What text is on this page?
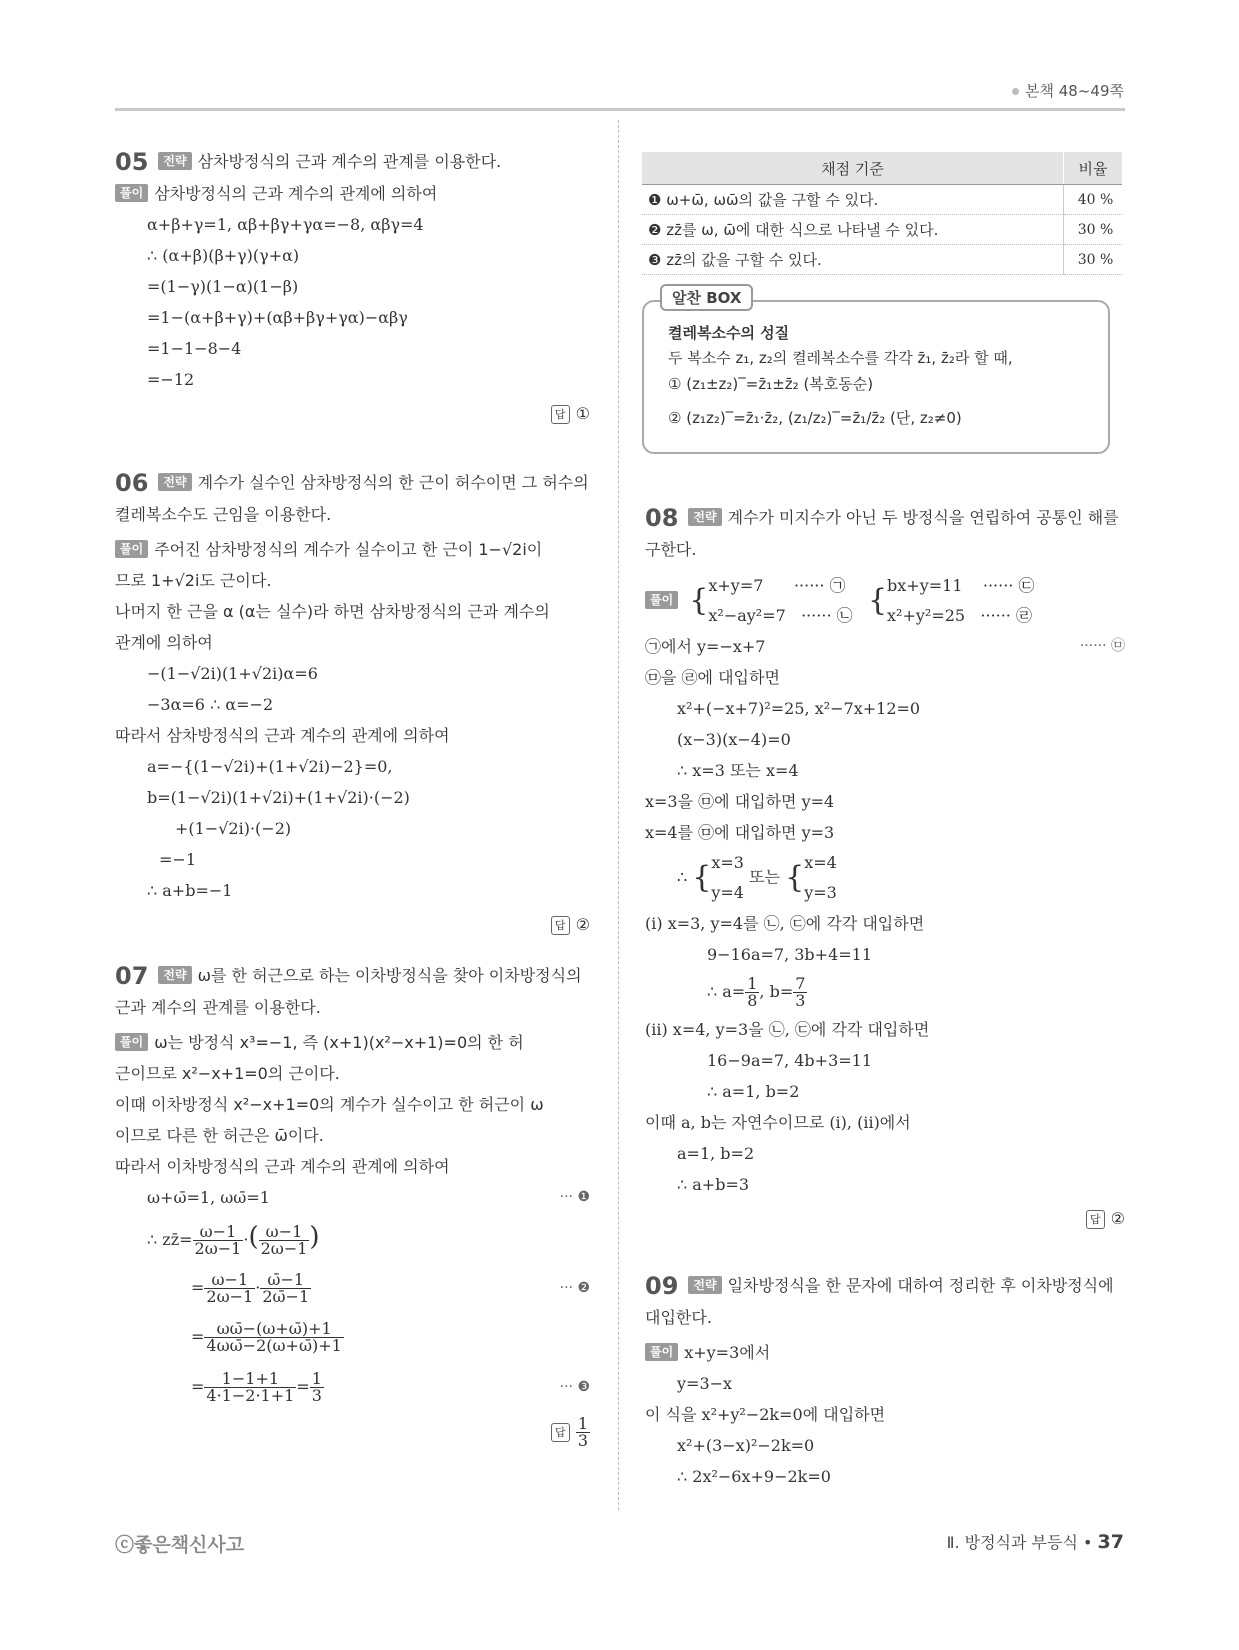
본책 48~49쪽
05 전략 삼차방정식의 근과 계수의 관계를 이용한다.
풀이 삼차방정식의 근과 계수의 관계에 의하여
α+β+γ=1, αβ+βγ+γα=−8, αβγ=4
∴ (α+β)(β+γ)(γ+α)
=(1−γ)(1−α)(1−β)
=1−(α+β+γ)+(αβ+βγ+γα)−αβγ
=1−1−8−4
=−12
답 ①
06 전략 계수가 실수인 삼차방정식의 한 근이 허수이면 그 허수의 켤레복소수도 근임을 이용한다.
풀이 주어진 삼차방정식의 계수가 실수이고 한 근이 1−√2i이
므로 1+√2i도 근이다.
나머지 한 근을 α (α는 실수)라 하면 삼차방정식의 근과 계수의
관계에 의하여
−(1−√2i)(1+√2i)α=6
−3α=6 ∴ α=−2
따라서 삼차방정식의 근과 계수의 관계에 의하여
a=−{(1−√2i)+(1+√2i)−2}=0,
b=(1−√2i)(1+√2i)+(1+√2i)·(−2)
+(1−√2i)·(−2)
=−1
∴ a+b=−1
답 ②
07 전략 ω를 한 허근으로 하는 이차방정식을 찾아 이차방정식의 근과 계수의 관계를 이용한다.
풀이 ω는 방정식 x³=−1, 즉 (x+1)(x²−x+1)=0의 한 허
근이므로 x²−x+1=0의 근이다.
이때 이차방정식 x²−x+1=0의 계수가 실수이고 한 허근이 ω
이므로 다른 한 허근은 ω̄이다.
따라서 이차방정식의 근과 계수의 관계에 의하여
ω+ω̄=1, ωω̄=1	··· ❶
∴ zz̄= $\frac{\omega-1}{2\omega-1}$ ·( $\frac{\omega-1}{2\omega-1}$ )
= $\frac{\omega-1}{2\omega-1} \cdot \frac{\omegā-1}{2\omegā-1}$	··· ❷
= $\frac{\omega\omegā-(\omega+\omegā)+1}{4\omega\omegā-2(\omega+\omegā)+1}$
= $\frac{1-1+1}{4\cdot 1-2\cdot 1+1} = \frac{1}{3}$	··· ❸
답 $\frac{1}{3}$
채점 기준	비율
❶ ω+ω̄, ωω̄의 값을 구할 수 있다.	40 %
❷ zz̄를 ω, ω̄에 대한 식으로 나타낼 수 있다.	30 %
❸ zz̄의 값을 구할 수 있다.	30 %
알찬 BOX
켤레복소수의 성질
두 복소수 z₁, z₂의 켤레복소수를 각각 z̄₁, z̄₂라 할 때,
① (z₁±z₂)‾=z̄₁±z̄₂ (복호동순)
② (z₁z₂)‾=z̄₁·z̄₂, (z₁/z₂)‾=z̄₁/z̄₂ (단, z₂≠0)
08 전략 계수가 미지수가 아닌 두 방정식을 연립하여 공통인 해를 구한다.
풀이 { x+y=7 ······ ㉠
x²−ay²=7 ······ ㉡ { bx+y=11 ······ ㉢
x²+y²=25 ······ ㉣
㉠에서 y=−x+7	······ ㉤
㉤을 ㉣에 대입하면
x²+(−x+7)²=25, x²−7x+12=0
(x−3)(x−4)=0
∴ x=3 또는 x=4
x=3을 ㉤에 대입하면 y=4
x=4를 ㉤에 대입하면 y=3
∴ { x=3
y=4
또는 { x=4
y=3
(i) x=3, y=4를 ㉡, ㉢에 각각 대입하면
9−16a=7, 3b+4=11
∴ $a= \frac{1}{8}$ , $b= \frac{7}{3}$
(ii) x=4, y=3을 ㉡, ㉢에 각각 대입하면
16−9a=7, 4b+3=11
∴ a=1, b=2
이때 a, b는 자연수이므로 (i), (ii)에서
a=1, b=2
∴ a+b=3
답 ②
09 전략 일차방정식을 한 문자에 대하여 정리한 후 이차방정식에 대입한다.
풀이 x+y=3에서
y=3−x
이 식을 x²+y²−2k=0에 대입하면
x²+(3−x)²−2k=0
∴ 2x²−6x+9−2k=0
ⓒ좋은책신사고	Ⅱ. 방정식과 부등식 • 37
